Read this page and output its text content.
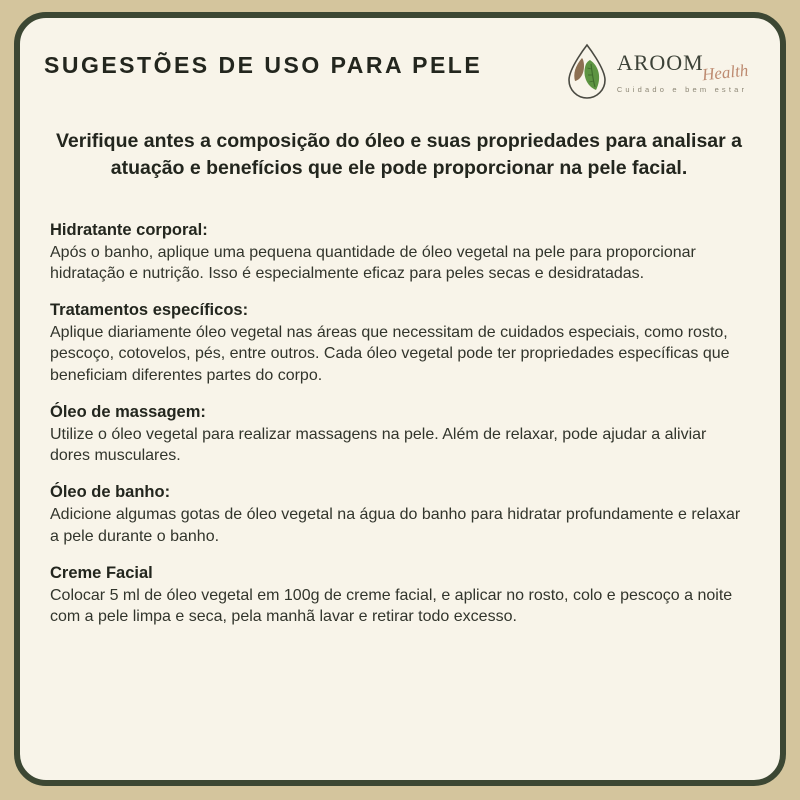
SUGESTÕES DE USO PARA PELE	AROOM
Health
Cuidado e bem estar

Verifique antes a composição do óleo e suas propriedades para analisar a atuação e benefícios que ele pode proporcionar na pele facial.

Hidratante corporal:

Após o banho, aplique uma pequena quantidade de óleo vegetal na pele para proporcionar hidratação e nutrição. Isso é especialmente eficaz para peles secas e desidratadas.

Tratamentos específicos:

Aplique diariamente óleo vegetal nas áreas que necessitam de cuidados especiais, como rosto, pescoço, cotovelos, pés, entre outros. Cada óleo vegetal pode ter propriedades específicas que beneficiam diferentes partes do corpo.

Óleo de massagem:

Utilize o óleo vegetal para realizar massagens na pele. Além de relaxar, pode ajudar a aliviar dores musculares.

Óleo de banho:

Adicione algumas gotas de óleo vegetal na água do banho para hidratar profundamente e relaxar a pele durante o banho.

Creme Facial

Colocar 5 ml de óleo vegetal em 100g de creme facial, e aplicar no rosto, colo e pescoço a noite com a pele limpa e seca, pela manhã lavar e retirar todo excesso.
